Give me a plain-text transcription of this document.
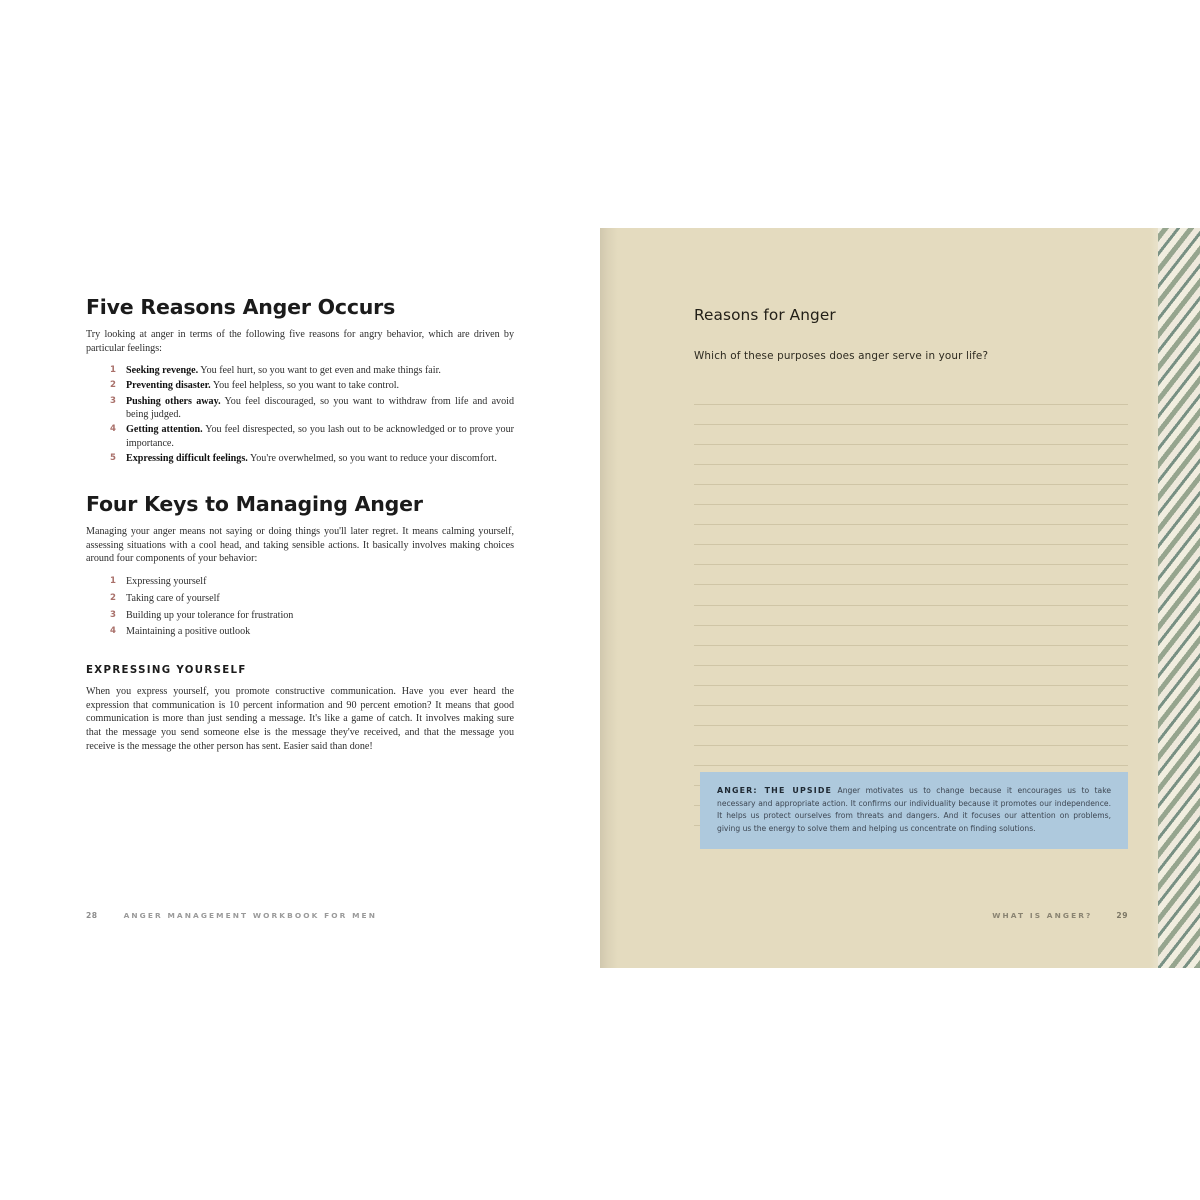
Five Reasons Anger Occurs

Try looking at anger in terms of the following five reasons for angry behavior, which are driven by particular feelings:

Seeking revenge. You feel hurt, so you want to get even and make things fair.
Preventing disaster. You feel helpless, so you want to take control.
Pushing others away. You feel discouraged, so you want to withdraw from life and avoid being judged.
Getting attention. You feel disrespected, so you lash out to be acknowledged or to prove your importance.
Expressing difficult feelings. You're overwhelmed, so you want to reduce your discomfort.
Four Keys to Managing Anger

Managing your anger means not saying or doing things you'll later regret. It means calming yourself, assessing situations with a cool head, and taking sensible actions. It basically involves making choices around four components of your behavior:

Expressing yourself
Taking care of yourself
Building up your tolerance for frustration
Maintaining a positive outlook
EXPRESSING YOURSELF

When you express yourself, you promote constructive communication. Have you ever heard the expression that communication is 10 percent information and 90 percent emotion? It means that good communication is more than just sending a message. It's like a game of catch. It involves making sure that the message you send someone else is the message they've received, and that the message you receive is the message the other person has sent. Easier said than done!

28	ANGER MANAGEMENT WORKBOOK FOR MEN
Reasons for Anger
Which of these purposes does anger serve in your life?
ANGER: THE UPSIDE Anger motivates us to change because it encourages us to take necessary and appropriate action. It confirms our individuality because it promotes our independence. It helps us protect ourselves from threats and dangers. And it focuses our attention on problems, giving us the energy to solve them and helping us concentrate on finding solutions.
WHAT IS ANGER?	29
